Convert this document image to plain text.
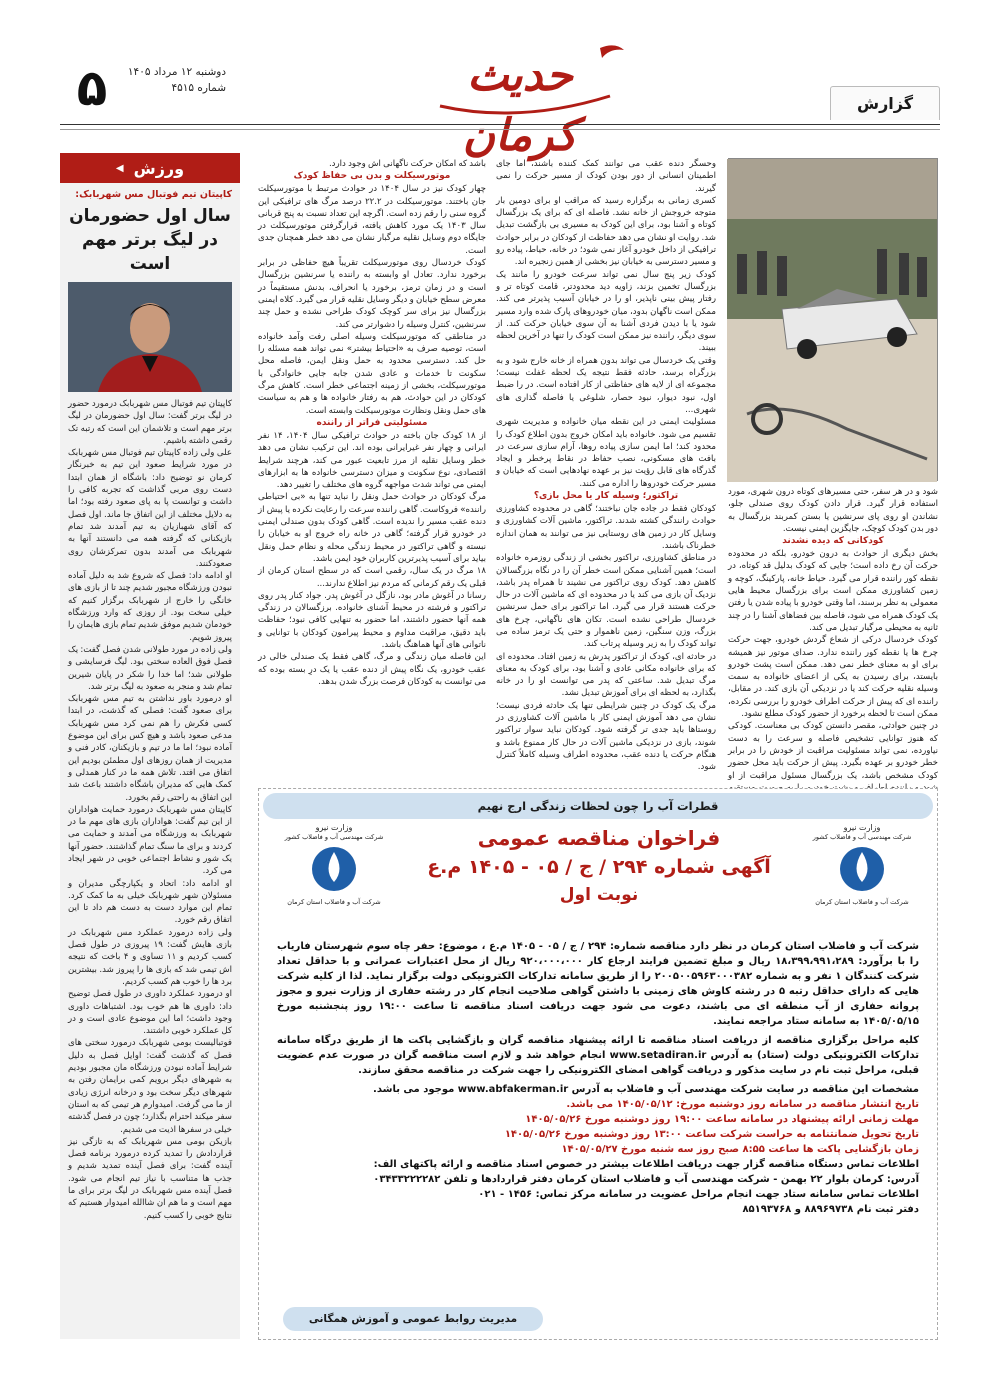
۵	دوشنبه ۱۲ مرداد ۱۴۰۵
شماره ۴۵۱۵	حدیث کرمان
گزارش

شود و در هر سفر، حتی مسیرهای کوتاه درون شهری، مورد استفاده قرار گیرد. قرار دادن کودک روی صندلی جلو، نشاندن او روی پای سرنشین یا بستن کمربند بزرگسال به دور بدن کودک کوچک، جایگزین ایمنی نیست.

کودکانی که دیده نشدند

بخش دیگری از حوادث به درون خودرو، بلکه در محدوده حرکت آن رخ داده است؛ جایی که کودک بدلیل قد کوتاه، در نقطه کور راننده قرار می گیرد. حیاط خانه، پارکینگ، کوچه و زمین کشاورزی ممکن است برای بزرگسال محیط هایی معمولی به نظر برسند، اما وقتی خودرو با پیاده شدن یا رفتن یک کودک همراه می شود، فاصله بین فضاهای آشنا را در چند ثانیه به محیطی مرگبار تبدیل می کند.

کودک خردسال درکی از شعاع گردش خودرو، جهت حرکت چرخ ها یا نقطه کور راننده ندارد. صدای موتور نیز همیشه برای او به معنای خطر نمی دهد. ممکن است پشت خودرو بایستد، برای رسیدن به یکی از اعضای خانواده به سمت وسیله نقلیه حرکت کند یا در نزدیکی آن بازی کند. در مقابل، راننده ای که پیش از حرکت اطراف خودرو را بررسی نکرده، ممکن است تا لحظه برخورد از حضور کودک مطلع نشود.

در چنین حوادثی، مقصر دانستن کودک بی معناست. کودکی که هنوز توانایی تشخیص فاصله و سرعت را به دست نیاورده، نمی تواند مسئولیت مراقبت از خودش را در برابر خطر خودرو بر عهده بگیرد. پیش از حرکت باید محل حضور کودک مشخص باشد، یک بزرگسال مسئول مراقبت از او

وحسگر دنده عقب می توانند کمک کننده باشند، اما جای اطمینان انسانی از دور بودن کودک از مسیر حرکت را نمی گیرند.

کسری زمانی به برگزاره رسید که مراقب او برای دومین بار متوجه خروجش از خانه نشد. فاصله ای که برای یک بزرگسال کوتاه و آشنا بود، برای این کودک به مسیری بی بازگشت تبدیل شد. روایت او نشان می دهد حفاظت از کودکان در برابر حوادث ترافیکی از داخل خودرو آغاز نمی شود؛ در خانه، حیاط، پیاده رو و مسیر دسترسی به خیابان نیز بخشی از همین زنجیره اند.

کودک زیر پنج سال نمی تواند سرعت خودرو را مانند یک بزرگسال تخمین بزند، زاویه دید محدودتر، قامت کوتاه تر و رفتار پیش بینی ناپذیر، او را در خیابان آسیب پذیرتر می کند. ممکن است ناگهان بدود، میان خودروهای پارک شده وارد مسیر شود یا با دیدن فردی آشنا به آن سوی خیابان حرکت کند. از سوی دیگر، راننده نیز ممکن است کودک را تنها در آخرین لحظه ببیند.

وقتی یک خردسال می تواند بدون همراه از خانه خارج شود و به بزرگراه برسد، حادثه فقط نتیجه یک لحظه غفلت نیست؛ مجموعه ای از لایه های حفاظتی از کار افتاده است. در را ضبط اول، نبود دیوار، نبود حصار، شلوغی یا فاصله گذاری های شهری...

مسئولیت ایمنی در این نقطه میان خانواده و مدیریت شهری تقسیم می شود. خانواده باید امکان خروج بدون اطلاع کودک را محدود کند؛ اما ایمن سازی پیاده روها، آرام سازی سرعت در بافت های مسکونی، نصب حفاظ در نقاط پرخطر و ایجاد گذرگاه های قابل رؤیت نیز بر عهده نهادهایی است که خیابان و مسیر حرکت خودروها را اداره می کنند.

تراکتور؛ وسیله کار یا محل بازی؟

کودکان فقط در جاده جان نباختند؛ گاهی در محدوده کشاورزی حوادث رانندگی کشته شدند. تراکتور، ماشین آلات کشاورزی و وسایل کار در زمین های روستایی نیز می توانند به همان اندازه خطرناک باشند.

در مناطق کشاورزی، تراکتور بخشی از زندگی روزمره خانواده است؛ همین آشنایی ممکن است خطر آن را در نگاه بزرگسالان کاهش دهد. کودک روی تراکتور می نشیند تا همراه پدر باشد، نزدیک آن بازی می کند یا در محدوده ای که ماشین آلات در حال حرکت هستند قرار می گیرد. اما تراکتور برای حمل سرنشین خردسال طراحی نشده است. تکان های ناگهانی، چرخ های بزرگ، وزن سنگین، زمین ناهموار و حتی یک ترمز ساده می تواند کودک را به زیر وسیله پرتاب کند.

در حادثه ای، کودک از تراکتور پدرش به زمین افتاد. محدوده ای که برای خانواده مکانی عادی و آشنا بود، برای کودک به معنای مرگ تبدیل شد. ساعتی که پدر می توانست او را در خانه بگذارد، به لحظه ای برای آموزش تبدیل نشد.

مرگ یک کودک در چنین شرایطی تنها یک حادثه فردی نیست؛ نشان می دهد آموزش ایمنی کار با ماشین آلات کشاورزی در روستاها باید جدی تر گرفته شود. کودکان نباید سوار تراکتور شوند، بازی در نزدیکی ماشین آلات در حال کار ممنوع باشد و هنگام حرکت یا دنده عقب، محدوده اطراف وسیله کاملاً کنترل شود.

باشد که امکان حرکت ناگهانی اش وجود دارد.

موتورسیکلت و بدن بی حفاظ کودک

چهار کودک نیز در سال ۱۴۰۴ در حوادث مرتبط با موتورسیکلت جان باختند. موتورسیکلت در ۲۲.۲ درصد مرگ های ترافیکی این گروه سنی را رقم زده است. اگرچه این تعداد نسبت به پنج قربانی سال ۱۴۰۳ یک مورد کاهش یافته، قرارگرفتن موتورسیکلت در جایگاه دوم وسایل نقلیه مرگبار نشان می دهد خطر همچنان جدی است.

کودک خردسال روی موتورسیکلت تقریباً هیچ حفاظی در برابر برخورد ندارد. تعادل او وابسته به راننده یا سرنشین بزرگسال است و در زمان ترمز، برخورد یا انحراف، بدنش مستقیماً در معرض سطح خیابان و دیگر وسایل نقلیه قرار می گیرد. کلاه ایمنی بزرگسال نیز برای سر کوچک کودک طراحی نشده و حمل چند سرنشین، کنترل وسیله را دشوارتر می کند.

در مناطقی که موتورسیکلت وسیله اصلی رفت وآمد خانواده است، توصیه صرف به «احتیاط بیشتر» نمی تواند همه مسئله را حل کند. دسترسی محدود به حمل ونقل ایمن، فاصله محل سکونت تا خدمات و عادی شدن جابه جایی خانوادگی با موتورسیکلت، بخشی از زمینه اجتماعی خطر است. کاهش مرگ کودکان در این حوادث، هم به رفتار خانواده ها و هم به سیاست های حمل ونقل ونظارت موتورسیکلت وابسته است.

مسئولیتی فراتر از راننده

از ۱۸ کودک جان باخته در حوادث ترافیکی سال ۱۴۰۴، ۱۴ نفر ایرانی و چهار نفر غیرایرانی بوده اند. این ترکیب نشان می دهد خطر وسایل نقلیه از مرز تابعیت عبور می کند، هرچند شرایط اقتصادی، نوع سکونت و میزان دسترسی خانواده ها به ابزارهای ایمنی می تواند شدت مواجهه گروه های مختلف را تغییر دهد.

مرگ کودکان در حوادث حمل ونقل را نباید تنها به «بی احتیاطی راننده» فروکاست. گاهی راننده سرعت را رعایت نکرده یا پیش از دنده عقب مسیر را ندیده است. گاهی کودک بدون صندلی ایمنی در خودرو قرار گرفته؛ گاهی در خانه راه خروج او به خیابان را نبسته و گاهی تراکتور در محیط زندگی محله و نظام حمل ونقل بیاید برای آسیب پذیرترین کاربران خود ایمن باشد.

۱۸ مرگ در یک سال، رقمی است که در سطح استان کرمان از قبلی یک رقم کرمانی که مردم نیز اطلاع ندارند...

رسانا در آغوش مادر بود، نازگل در آغوش پدر. جواد کنار پدر روی تراکتور و فرشته در محیط آشنای خانواده. برزگسالان در زندگی همه آنها حضور داشتند، اما حضور به تنهایی کافی نبود؛ حفاظت باید دقیق، مراقبت مداوم و محیط پیرامون کودکان با توانایی و ناتوانی های آنها هماهنگ باشد.

این فاصله میان زندگی و مرگ، گاهی فقط یک صندلی خالی در عقب خودرو، یک نگاه پیش از دنده عقب یا یک درِ بسته بوده که می توانست به کودکان فرصت بزرگ شدن بدهد.

ورزش
◀
کاپیتان تیم فوتبال مس شهربابک:
سال اول حضورمان در لیگ برتر مهم است

کاپیتان تیم فوتبال مس شهربابک درمورد حضور در لیگ برتر گفت: سال اول حضورمان در لیگ برتر مهم است و تلاشمان این است که رتبه تک رقمی داشته باشیم.

علی ولی زاده کاپیتان تیم فوتبال مس شهربابک در مورد شرایط صعود این تیم به خبرنگار کرمان نو توضیح داد: باشگاه از همان ابتدا دست روی مربی گذاشت که تجربه کافی را داشت و توانست پا به پای صعود رفته بود؛ اما به دلایل مختلف از این اتفاق جا ماند. اول فصل که آقای شهبازیان به تیم آمدند شد تمام بازیکنانی که گرفته همه می دانستند آنها به شهربابک می آمدند بدون تمرکزشان روی صعودکنند.

او ادامه داد: فصل که شروع شد به دلیل آماده نبودن ورزشگاه مجبور شدیم چند تا از بازی های خانگی را خارج از شهربابک برگزار کنیم که خیلی سخت بود. از روزی که وارد ورزشگاه خودمان شدیم موفق شدیم تمام بازی هایمان را پیروز شویم.

ولی زاده در مورد طولانی شدن فصل گفت: یک فصل فوق العاده سختی بود. لیگ فرسایشی و طولانی شد؛ اما خدا را شکر در پایان شیرین تمام شد و منجر به صعود به لیگ برتر شد.

او درمورد باور نداشتن به تیم مس شهربابک برای صعود گفت: فصلی که گذشت، در ابتدا کسی فکرش را هم نمی کرد مس شهربابک مدعی صعود باشد و هیچ کس برای این موضوع آماده نبود؛ اما ما در تیم و بازیکنان، کادر فنی و مدیریت از همان روزهای اول مطمئن بودیم این اتفاق می افتد. تلاش همه ما در کنار همدلی و کمک هایی که مدیران باشگاه داشتند باعث شد این اتفاق به راحتی رقم بخورد.

کاپیتان مس شهربابک درمورد حمایت هواداران از این تیم گفت: هواداران بازی های مهم ما در شهربابک به ورزشگاه می آمدند و حمایت می کردند و برای ما سنگ تمام گذاشتند. حضور آنها یک شور و نشاط اجتماعی خوبی در شهر ایجاد می کرد.

او ادامه داد: اتحاد و یکپارچگی مدیران و مسئولان شهر شهربابک خیلی به ما کمک کرد. تمام این موارد دست به دست هم داد تا این اتفاق رقم خورد.

ولی زاده درمورد عملکرد مس شهربابک در بازی هایش گفت: ۱۹ پیروزی در طول فصل کسب کردیم و ۱۱ تساوی و ۴ باخت که نتیجه اش تیمی شد که بازی ها را پیروز شد. بیشترین برد ها را خوب هم کسب کردیم.

او درمورد عملکرد داوری در طول فصل توضیح داد: داوری ها هم خوب بود. اشتباهات داوری وجود داشت؛ اما این موضوع عادی است و در کل عملکرد خوبی داشتند.

فوتبالیست بومی شهربابک درمورد سختی های فصل که گذشت گفت: اوایل فصل به دلیل شرایط آماده نبودن ورزشگاه مان مجبور بودیم به شهرهای دیگر برویم کمی برایمان رفتن به شهرهای دیگر سخت بود و درخانه انرژی زیادی از ما می گرفت. امیدوارم هر تیمی که به استان سفر میکند احترام بگذارد؛ چون در فصل گذشته خیلی در سفرها اذیت می شدیم.

بازیکن بومی مس شهربابک که به تازگی نیز قراردادش را تمدید کرده درمورد برنامه فصل آینده گفت: برای فصل آینده تمدید شدیم و جذب ها متناسب با نیاز تیم انجام می شود. فصل آینده مس شهربابک در لیگ برتر برای ما مهم است و ما هم ان شاالله امیدوار هستیم که نتایج خوبی را کسب کنیم.

قطرات آب را چون لحظات زندگی ارج نهیم
وزارت نیرو
شرکت مهندسی آب و فاضلاب کشور
شرکت آب و فاضلاب استان کرمان
وزارت نیرو
شرکت مهندسی آب و فاضلاب کشور
شرکت آب و فاضلاب استان کرمان
فراخوان مناقصه عمومی
آگهی شماره ۲۹۴ / ج / ۰۵ - ۱۴۰۵ م.ع
نوبت اول

شرکت آب و فاضلاب استان کرمان در نظر دارد مناقصه شماره: ۲۹۴ / ج / ۰۵ - ۱۴۰۵ م.ع ، موضوع: حفر چاه سوم شهرستان فاریاب را با برآورد: ۱۸،۳۹۹،۹۹۱،۲۸۹ ریال و مبلغ تضمین فرایند ارجاع کار ۹۲۰،۰۰۰،۰۰۰ ریال از محل اعتبارات عمرانی و با حداقل تعداد شرکت کنندگان ۱ نفر و به شماره ۲۰۰۵۰۰۵۹۶۳۰۰۰۳۸۲ را از طریق سامانه تدارکات الکترونیکی دولت برگزار نماید. لذا از کلیه شرکت هایی که دارای حداقل رتبه ۵ در رشته کاوش های زمینی با داشتن گواهی صلاحیت انجام کار در رشته حفاری از وزارت نیرو و مجوز پروانه حفاری از آب منطقه ای می باشند، دعوت می شود جهت دریافت اسناد مناقصه تا ساعت ۱۹:۰۰ روز پنجشنبه مورخ ۱۴۰۵/۰۵/۱۵ به سامانه ستاد مراجعه نمایند.

کلیه مراحل برگزاری مناقصه از دریافت اسناد مناقصه تا ارائه پیشنهاد مناقصه گران و بازگشایی پاکت ها از طریق درگاه سامانه تدارکات الکترونیکی دولت (ستاد) به آدرس www.setadiran.ir انجام خواهد شد و لازم است مناقصه گران در صورت عدم عضویت قبلی، مراحل ثبت نام در سایت مذکور و دریافت گواهی امضای الکترونیکی را جهت شرکت در مناقصه محقق سازند.

مشخصات این مناقصه در سایت شرکت مهندسی آب و فاضلاب به آدرس www.abfakerman.ir موجود می باشد.

تاریخ انتشار مناقصه در سامانه روز دوشنبه مورخ: ۱۴۰۵/۰۵/۱۲ می باشد.

مهلت زمانی ارائه پیشنهاد در سامانه ساعت ۱۹:۰۰ روز دوشنبه مورخ ۱۴۰۵/۰۵/۲۶

تاریخ تحویل ضمانتنامه به حراست شرکت ساعت ۱۳:۰۰ روز دوشنبه مورخ ۱۴۰۵/۰۵/۲۶

زمان بازگشایی پاکت ها ساعت ۸:۵۵ صبح روز سه شنبه مورخ ۱۴۰۵/۰۵/۲۷

اطلاعات تماس دستگاه مناقصه گزار جهت دریافت اطلاعات بیشتر در خصوص اسناد مناقصه و ارائه پاکتهای الف:

آدرس: کرمان بلوار ۲۲ بهمن - شرکت مهندسی آب و فاضلاب استان کرمان دفتر قراردادها و تلفن ۰۳۴۳۳۲۲۲۲۸۲

اطلاعات تماس سامانه ستاد جهت انجام مراحل عضویت در سامانه مرکز تماس: ۱۴۵۶ - ۰۲۱

دفتر ثبت نام ۸۸۹۶۹۷۳۸ و ۸۵۱۹۳۷۶۸

مدیریت روابط عمومی و آموزش همگانی
